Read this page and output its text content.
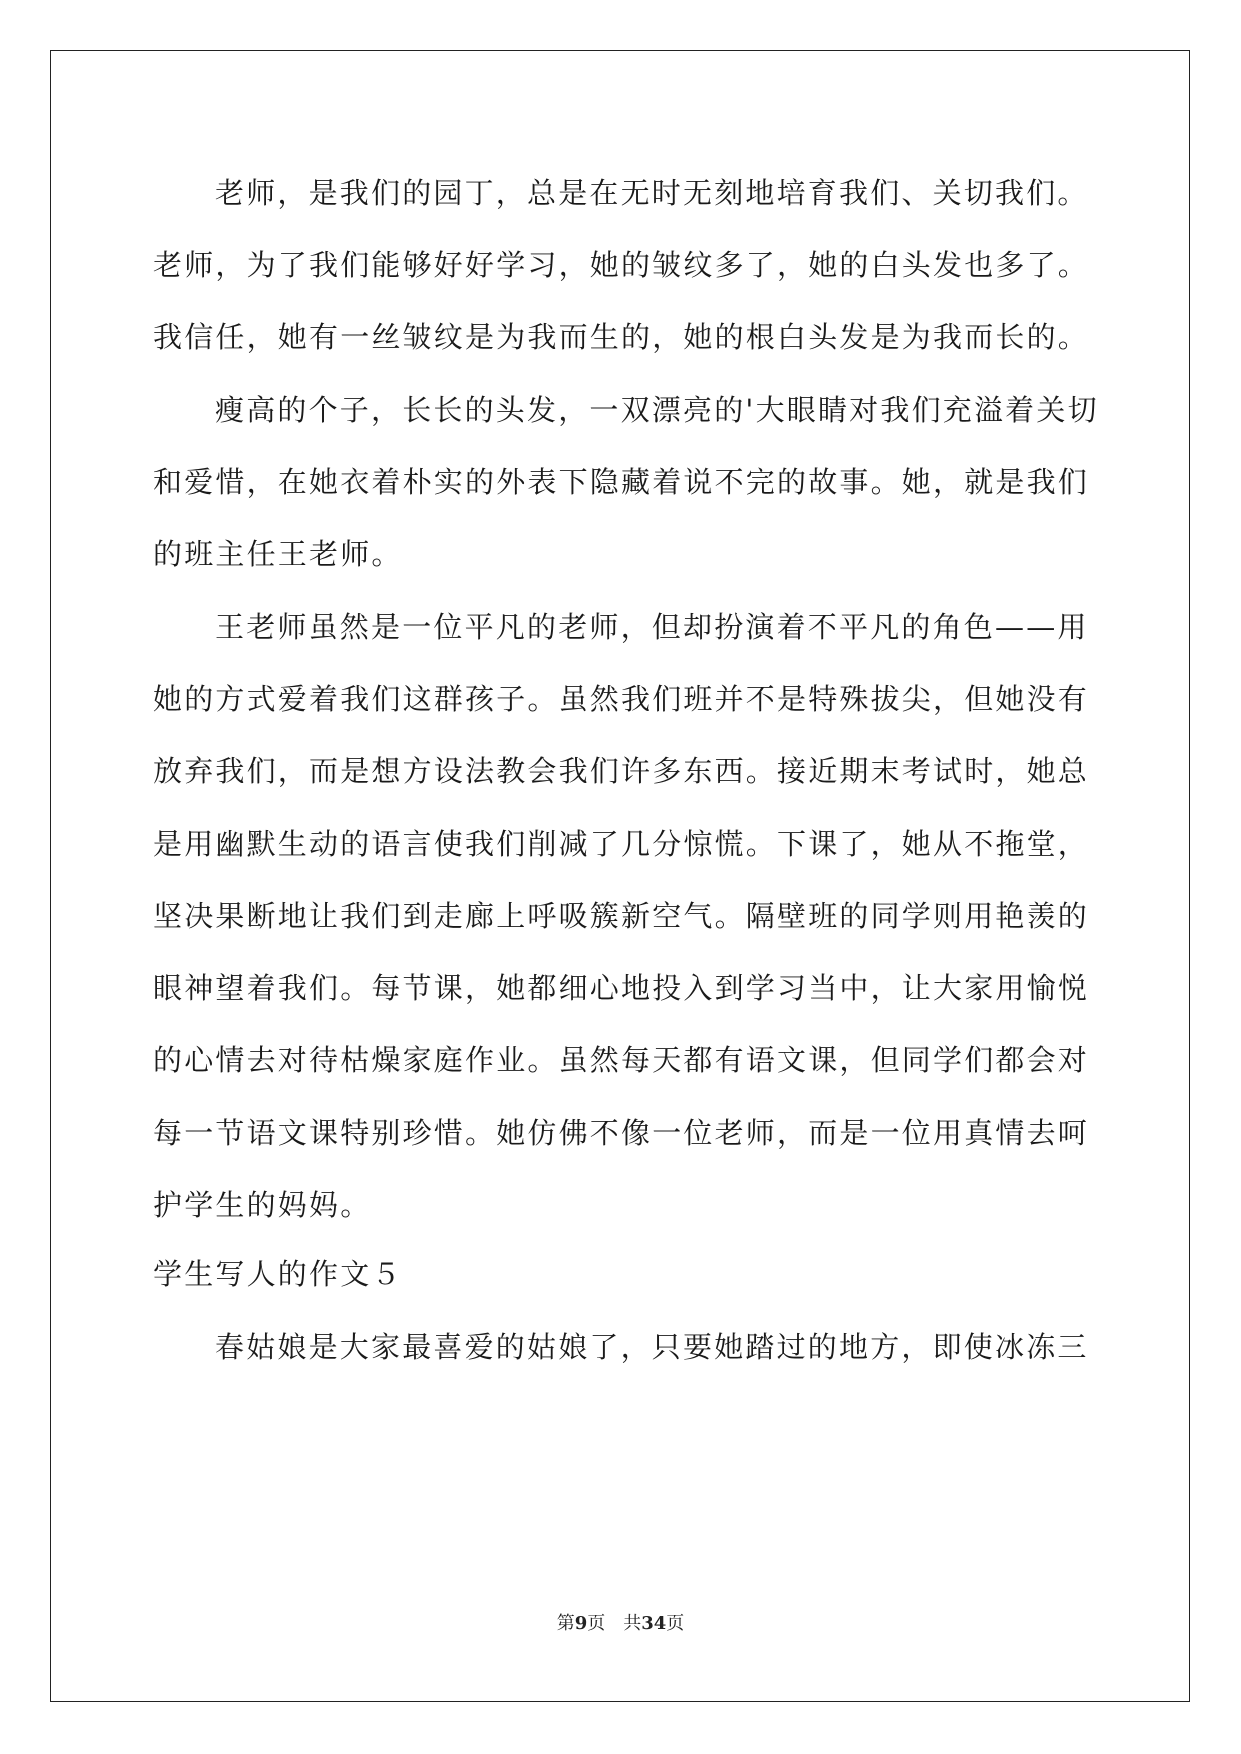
老师，是我们的园丁，总是在无时无刻地培育我们、关切我们。
老师，为了我们能够好好学习，她的皱纹多了，她的白头发也多了。
我信任，她有一丝皱纹是为我而生的，她的根白头发是为我而长的。
瘦高的个子，长长的头发，一双漂亮的'大眼睛对我们充溢着关切
和爱惜，在她衣着朴实的外表下隐藏着说不完的故事。她，就是我们
的班主任王老师。
王老师虽然是一位平凡的老师，但却扮演着不平凡的角色——用
她的方式爱着我们这群孩子。虽然我们班并不是特殊拔尖，但她没有
放弃我们，而是想方设法教会我们许多东西。接近期末考试时，她总
是用幽默生动的语言使我们削减了几分惊慌。下课了，她从不拖堂，
坚决果断地让我们到走廊上呼吸簇新空气。隔壁班的同学则用艳羡的
眼神望着我们。每节课，她都细心地投入到学习当中，让大家用愉悦
的心情去对待枯燥家庭作业。虽然每天都有语文课，但同学们都会对
每一节语文课特别珍惜。她仿佛不像一位老师，而是一位用真情去呵
护学生的妈妈。
学生写人的作文５
春姑娘是大家最喜爱的姑娘了，只要她踏过的地方，即使冰冻三
第9页　共34页
